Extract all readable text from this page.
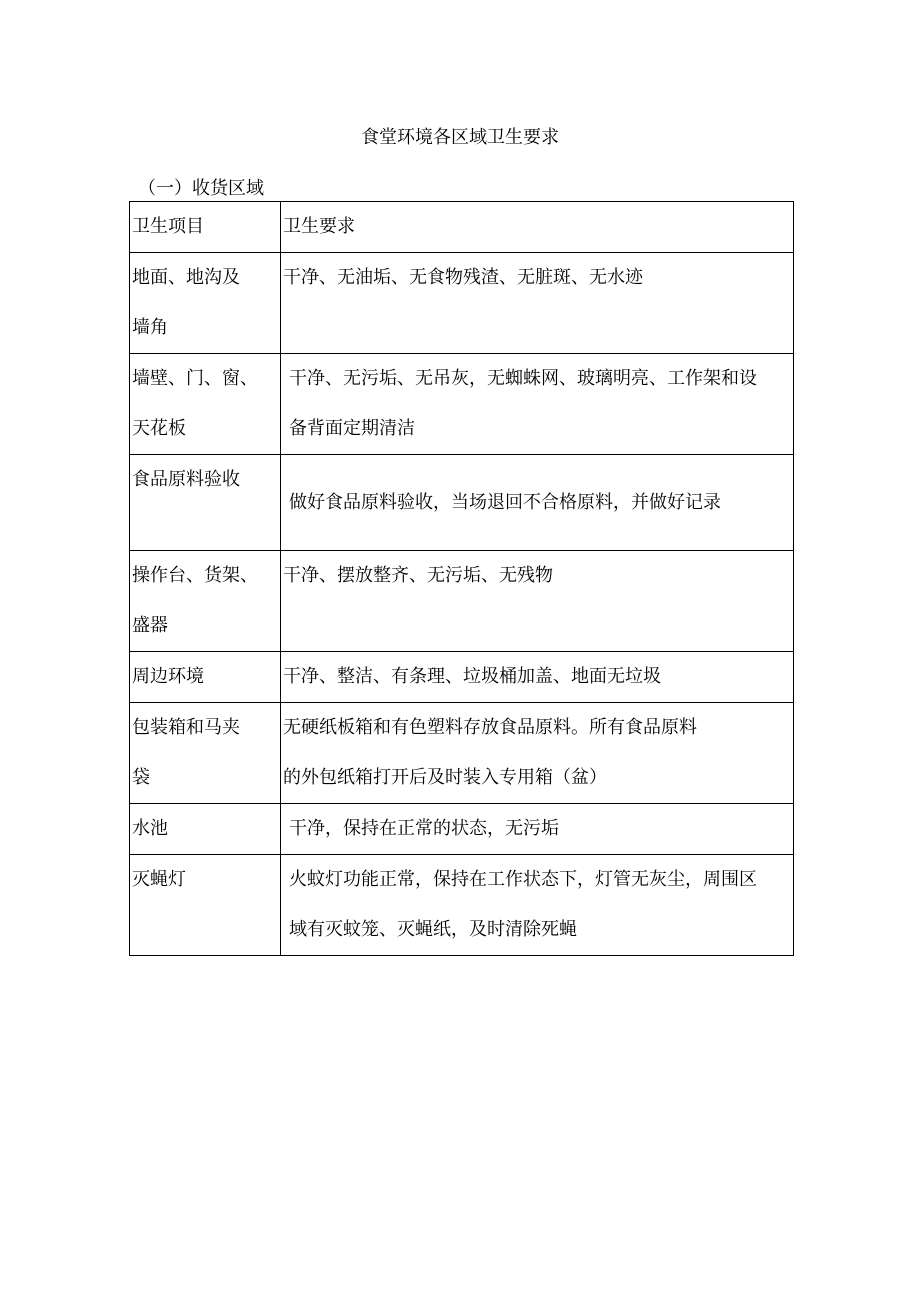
食堂环境各区域卫生要求
（一）收货区域
卫生项目	卫生要求

地面、地沟及
墙角	干净、无油垢、无食物残渣、无脏斑、无水迹

墙壁、门、窗、
天花板	干净、无污垢、无吊灰，无蜘蛛网、玻璃明亮、工作架和设
备背面定期清洁

食品原料验收	做好食品原料验收，当场退回不合格原料，并做好记录

操作台、货架、
盛器	干净、摆放整齐、无污垢、无残物

周边环境	干净、整洁、有条理、垃圾桶加盖、地面无垃圾

包装箱和马夹
袋	无硬纸板箱和有色塑料存放食品原料。所有食品原料
的外包纸箱打开后及时装入专用箱（盆）

水池	干净，保持在正常的状态，无污垢

灭蝇灯	火蚊灯功能正常，保持在工作状态下，灯管无灰尘，周围区
域有灭蚊笼、灭蝇纸，及时清除死蝇
